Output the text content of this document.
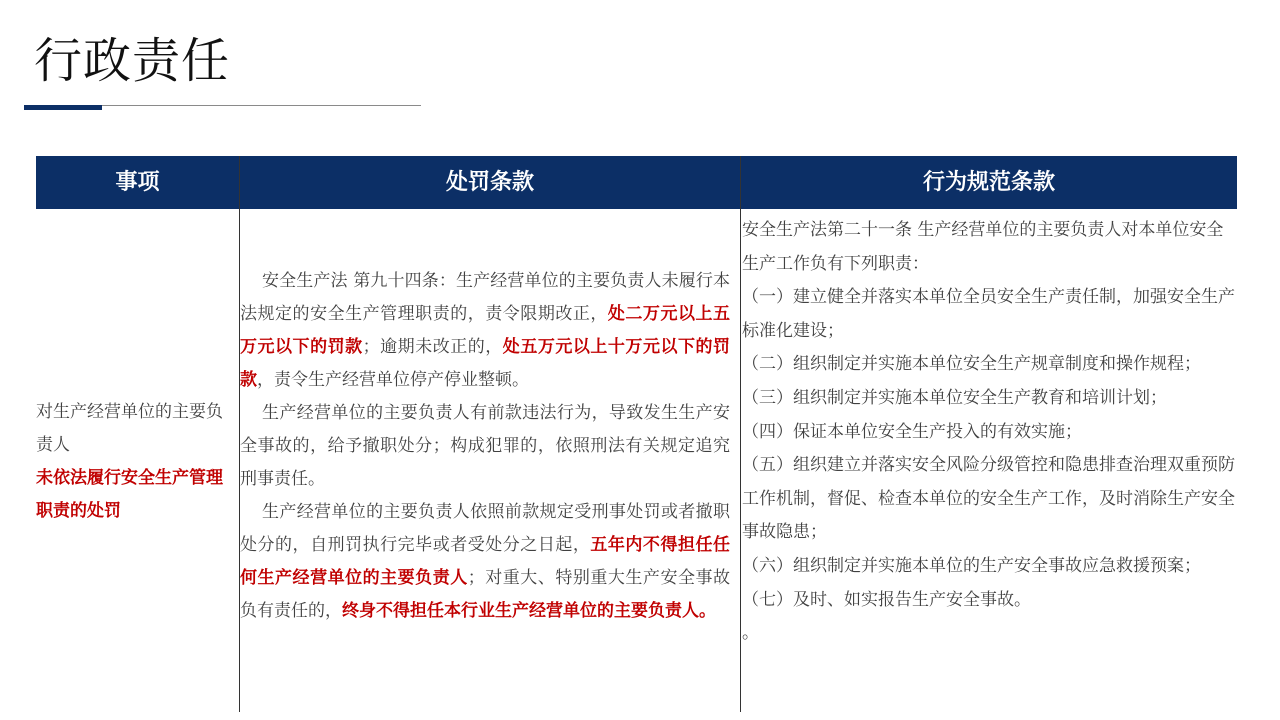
行政责任
事项	处罚条款	行为规范条款
对生产经营单位的主要负责人
未依法履行安全生产管理职责的处罚

安全生产法 第九十四条：生产经营单位的主要负责人未履行本法规定的安全生产管理职责的，责令限期改正，处二万元以上五万元以下的罚款；逾期未改正的，处五万元以上十万元以下的罚款，责令生产经营单位停产停业整顿。

生产经营单位的主要负责人有前款违法行为，导致发生生产安全事故的，给予撤职处分；构成犯罪的，依照刑法有关规定追究刑事责任。

生产经营单位的主要负责人依照前款规定受刑事处罚或者撤职处分的，自刑罚执行完毕或者受处分之日起，五年内不得担任任何生产经营单位的主要负责人；对重大、特别重大生产安全事故负有责任的，终身不得担任本行业生产经营单位的主要负责人。

安全生产法第二十一条 生产经营单位的主要负责人对本单位安全生产工作负有下列职责：

（一）建立健全并落实本单位全员安全生产责任制，加强安全生产标准化建设；

（二）组织制定并实施本单位安全生产规章制度和操作规程；

（三）组织制定并实施本单位安全生产教育和培训计划；

（四）保证本单位安全生产投入的有效实施；

（五）组织建立并落实安全风险分级管控和隐患排查治理双重预防工作机制，督促、检查本单位的安全生产工作，及时消除生产安全事故隐患；

（六）组织制定并实施本单位的生产安全事故应急救援预案；

（七）及时、如实报告生产安全事故。

。
